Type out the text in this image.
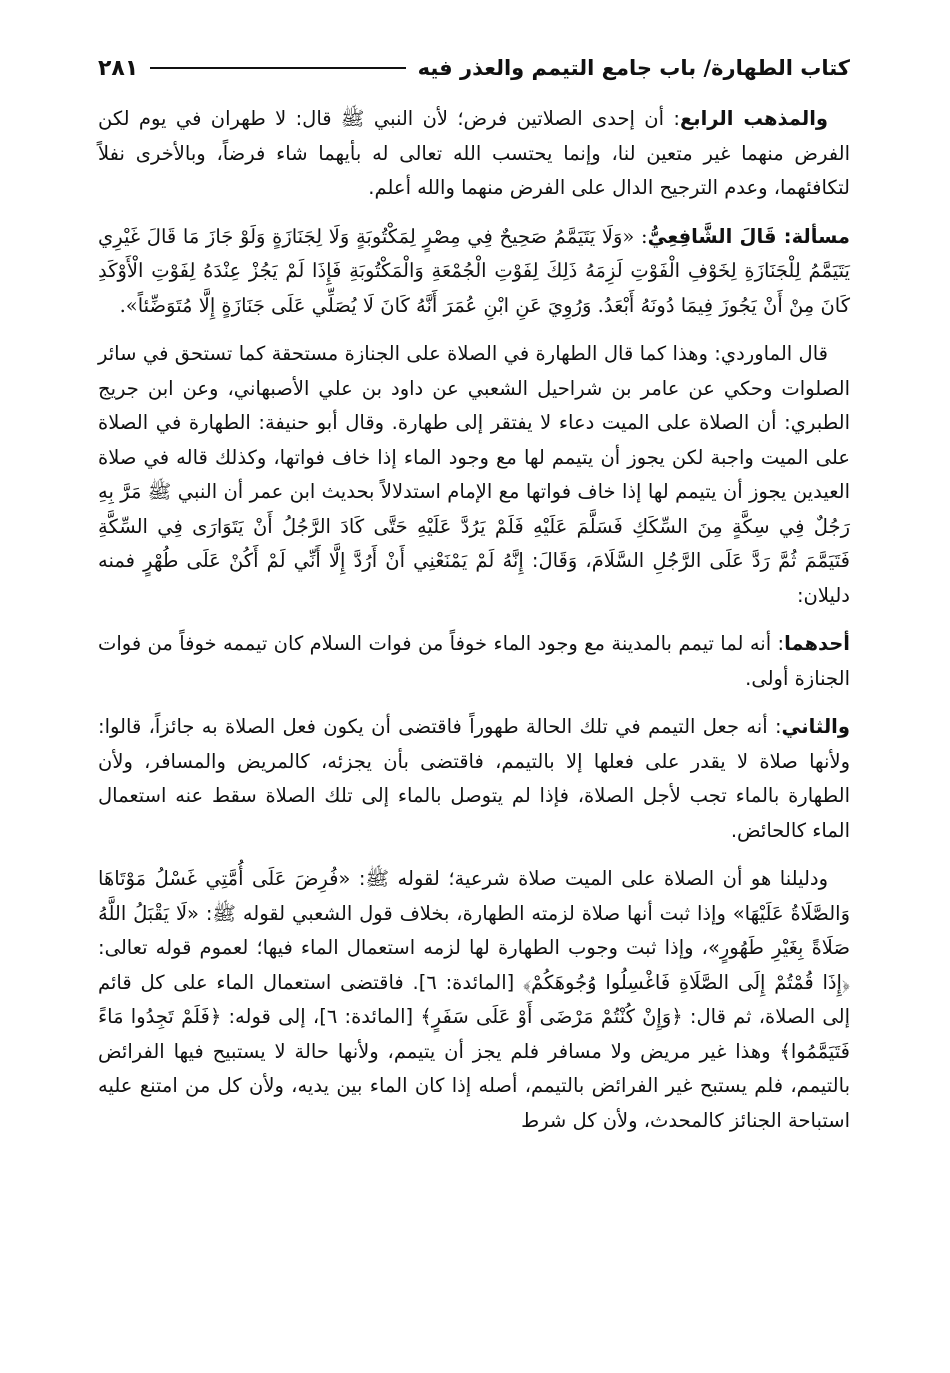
كتاب الطهارة/ باب جامع التيمم والعذر فيه
٢٨١

والمذهب الرابع: أن إحدى الصلاتين فرض؛ لأن النبي ﷺ قال: لا طهران في يوم لكن الفرض منهما غير متعين لنا، وإنما يحتسب الله تعالى له بأيهما شاء فرضاً، وبالأخرى نفلاً لتكافئهما، وعدم الترجيح الدال على الفرض منهما والله أعلم.

مسألة: قَالَ الشَّافِعِيُّ: «وَلَا يَتَيَمَّمُ صَحِيحٌ فِي مِصْرٍ لِمَكْتُوبَةٍ وَلَا لِجَنَازَةٍ وَلَوْ جَازَ مَا قَالَ غَيْرِي يَتَيَمَّمُ لِلْجَنَازَةِ لِخَوْفِ الْفَوْتِ لَزِمَهُ ذَلِكَ لِفَوْتِ الْجُمْعَةِ وَالْمَكْتُوبَةِ فَإِذَا لَمْ يَجُزْ عِنْدَهُ لِفَوْتِ الْأَوْكَدِ كَانَ مِنْ أَنْ يَجُوزَ فِيمَا دُونَهُ أَبْعَدُ. وَرُوِيَ عَنِ ابْنِ عُمَرَ أَنَّهُ كَانَ لَا يُصَلِّي عَلَى جَنَازَةٍ إِلَّا مُتَوَضِّئاً».

قال الماوردي: وهذا كما قال الطهارة في الصلاة على الجنازة مستحقة كما تستحق في سائر الصلوات وحكي عن عامر بن شراحيل الشعبي عن داود بن علي الأصبهاني، وعن ابن جريج الطبري: أن الصلاة على الميت دعاء لا يفتقر إلى طهارة. وقال أبو حنيفة: الطهارة في الصلاة على الميت واجبة لكن يجوز أن يتيمم لها مع وجود الماء إذا خاف فواتها، وكذلك قاله في صلاة العيدين يجوز أن يتيمم لها إذا خاف فواتها مع الإمام استدلالاً بحديث ابن عمر أن النبي ﷺ مَرَّ بِهِ رَجُلٌ فِي سِكَّةٍ مِنَ السِّكَكِ فَسَلَّمَ عَلَيْهِ فَلَمْ يَرُدَّ عَلَيْهِ حَتَّى كَادَ الرَّجُلُ أَنْ يَتَوَارَى فِي السِّكَّةِ فَتَيَمَّمَ ثُمَّ رَدَّ عَلَى الرَّجُلِ السَّلَامَ، وَقَالَ: إِنَّهُ لَمْ يَمْنَعْنِي أَنْ أَرُدَّ إِلَّا أَنِّي لَمْ أَكُنْ عَلَى طُهْرٍ فمنه دليلان:

أحدهما: أنه لما تيمم بالمدينة مع وجود الماء خوفاً من فوات السلام كان تيممه خوفاً من فوات الجنازة أولى.

والثاني: أنه جعل التيمم في تلك الحالة طهوراً فاقتضى أن يكون فعل الصلاة به جائزاً، قالوا: ولأنها صلاة لا يقدر على فعلها إلا بالتيمم، فاقتضى بأن يجزئه، كالمريض والمسافر، ولأن الطهارة بالماء تجب لأجل الصلاة، فإذا لم يتوصل بالماء إلى تلك الصلاة سقط عنه استعمال الماء كالحائض.

ودليلنا هو أن الصلاة على الميت صلاة شرعية؛ لقوله ﷺ: «فُرِضَ عَلَى أُمَّتِي غَسْلُ مَوْتَاهَا وَالصَّلَاةُ عَلَيْهَا» وإذا ثبت أنها صلاة لزمته الطهارة، بخلاف قول الشعبي لقوله ﷺ: «لَا يَقْبَلُ اللَّهُ صَلَاةً بِغَيْرِ طَهُورٍ»، وإذا ثبت وجوب الطهارة لها لزمه استعمال الماء فيها؛ لعموم قوله تعالى: ﴿إِذَا قُمْتُمْ إِلَى الصَّلَاةِ فَاغْسِلُوا وُجُوهَكُمْ﴾ [المائدة: ٦]. فاقتضى استعمال الماء على كل قائم إلى الصلاة، ثم قال: ﴿وَإِنْ كُنْتُمْ مَرْضَى أَوْ عَلَى سَفَرٍ﴾ [المائدة: ٦]، إلى قوله: ﴿فَلَمْ تَجِدُوا مَاءً فَتَيَمَّمُوا﴾ وهذا غير مريض ولا مسافر فلم يجز أن يتيمم، ولأنها حالة لا يستبيح فيها الفرائض بالتيمم، فلم يستبح غير الفرائض بالتيمم، أصله إذا كان الماء بين يديه، ولأن كل من امتنع عليه استباحة الجنائز كالمحدث، ولأن كل شرط
